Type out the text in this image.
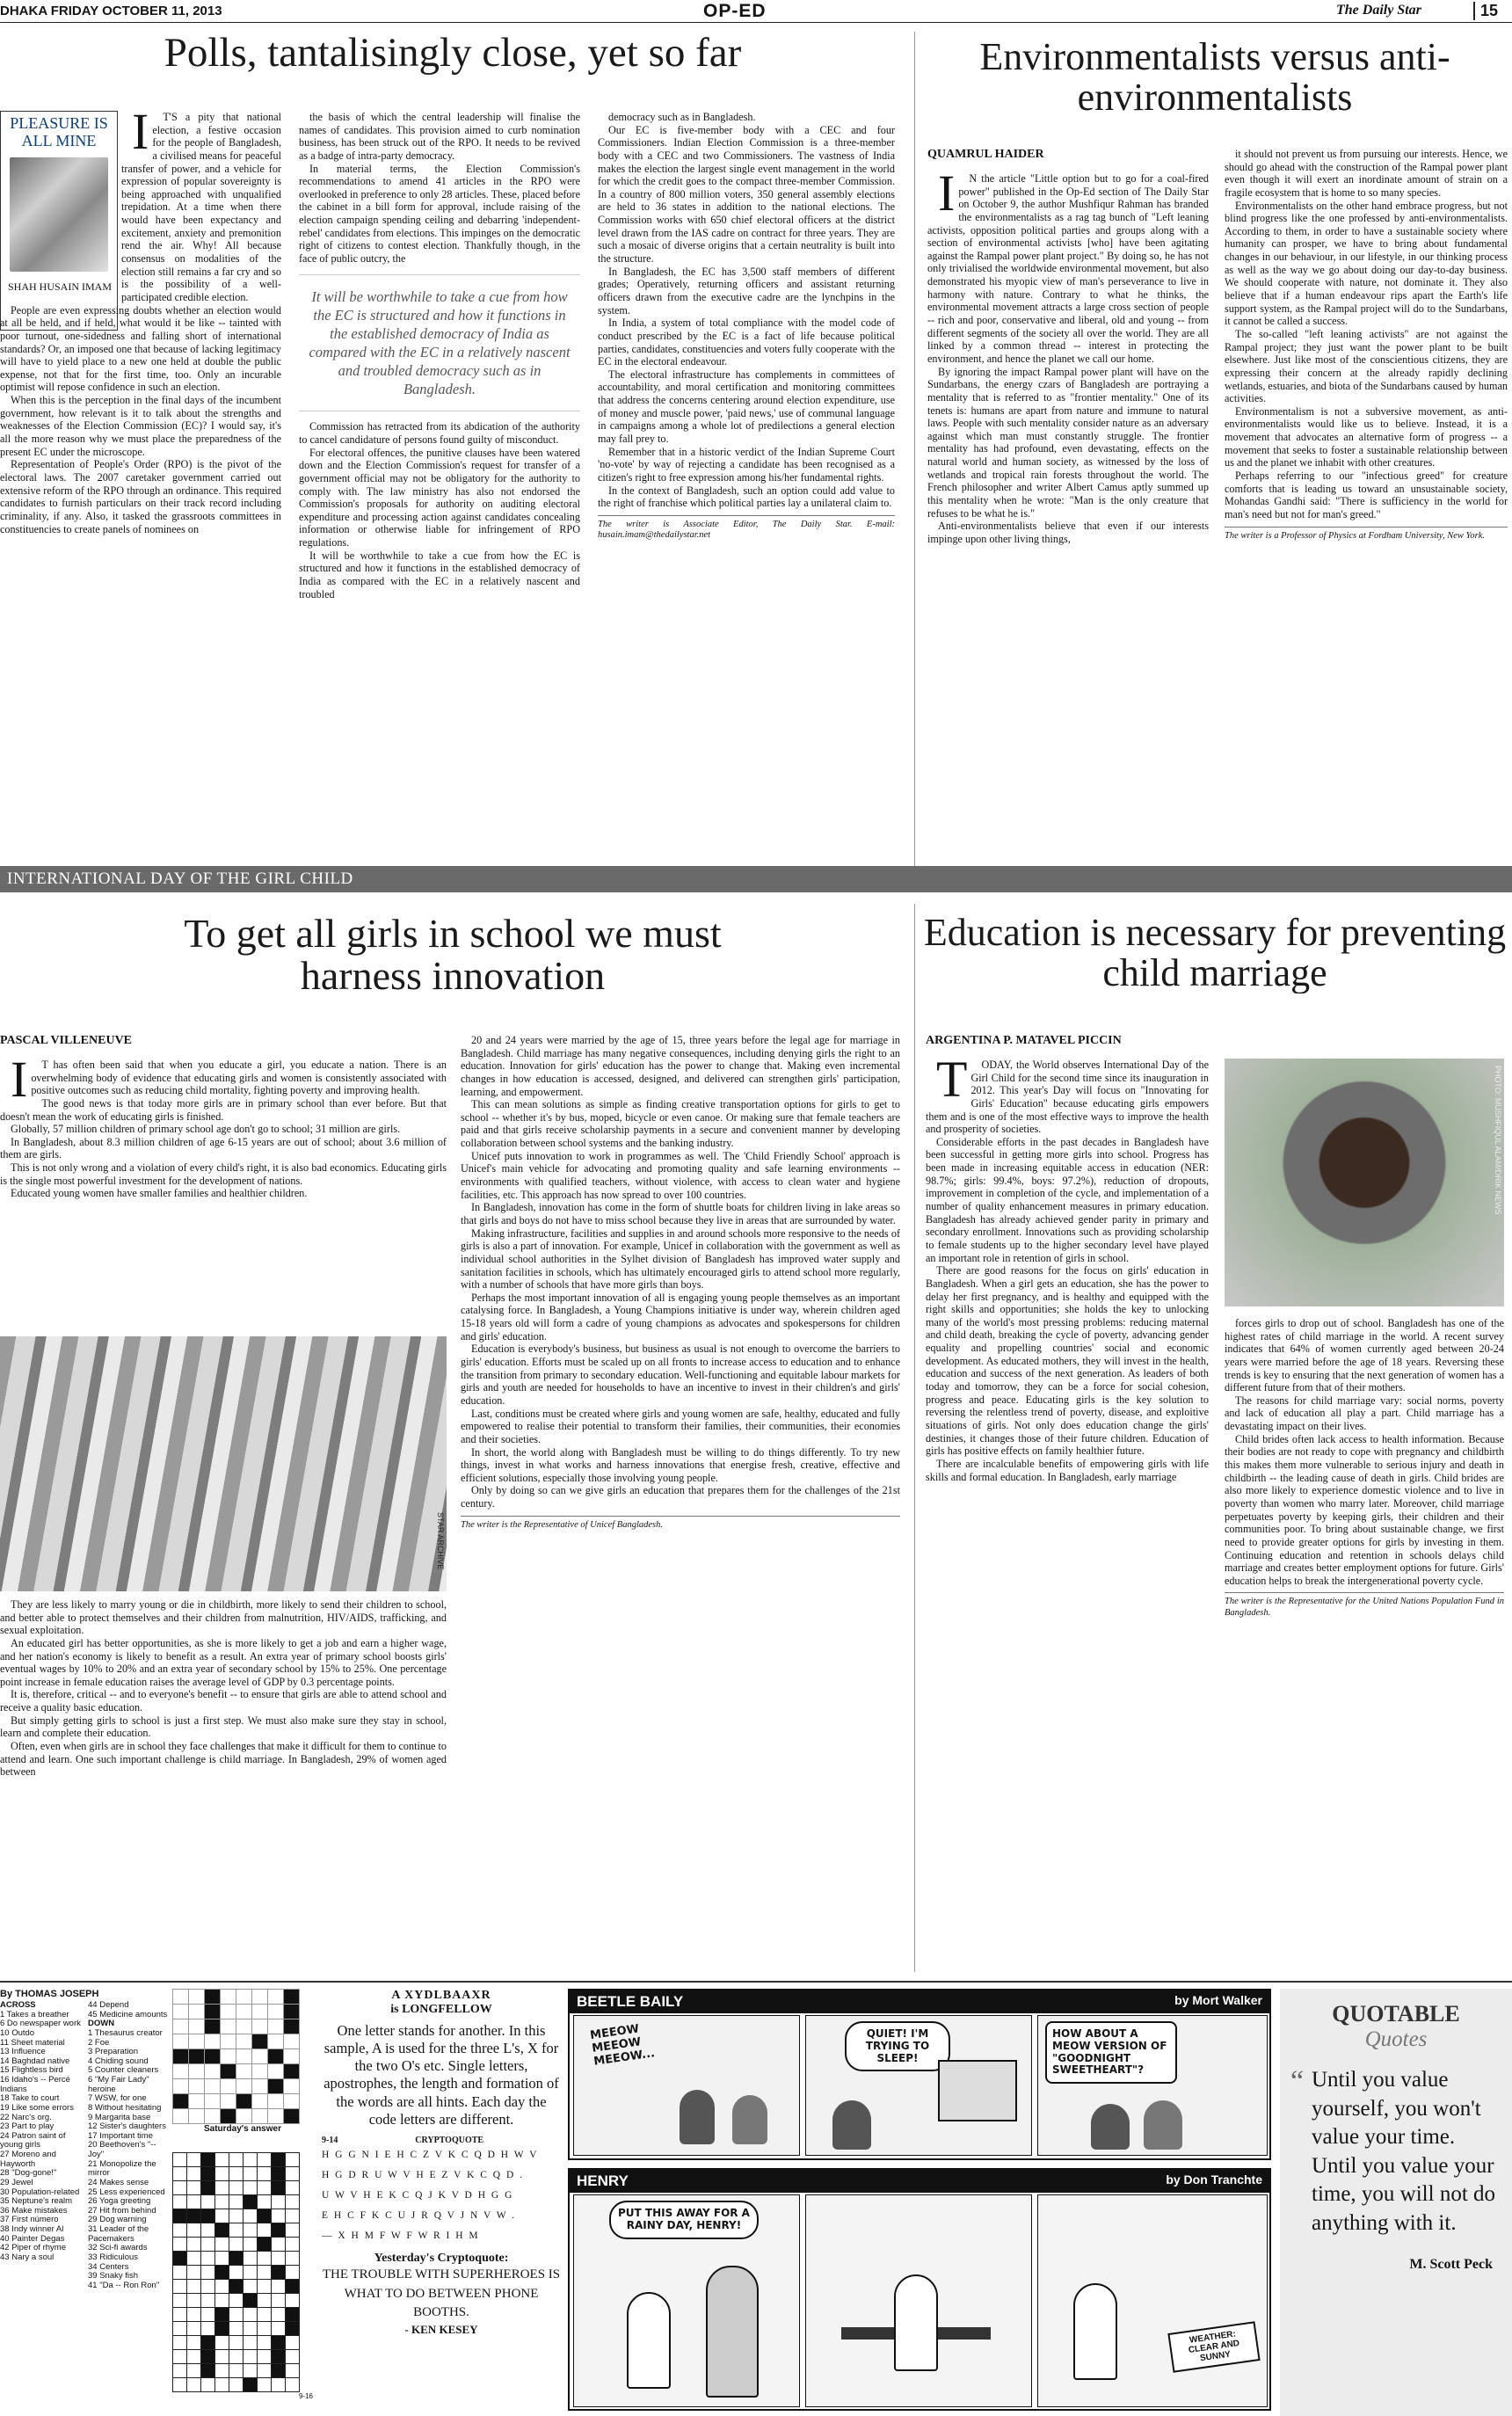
DHAKA FRIDAY OCTOBER 11, 2013	OP-ED	The Daily Star	15
Polls, tantalisingly close, yet so far
PLEASURE IS ALL MINE
SHAH HUSAIN IMAM

IT'S a pity that national election, a festive occasion for the people of Bangladesh, a civilised means for peaceful transfer of power, and a vehicle for expression of popular sovereignty is being approached with unqualified trepidation. At a time when there would have been expectancy and excitement, anxiety and premonition rend the air. Why! All because consensus on modalities of the election still remains a far cry and so is the possibility of a well-participated credible election.

People are even expressing doubts whether an election would at all be held, and if held, what would it be like -- tainted with poor turnout, one-sidedness and falling short of international standards? Or, an imposed one that because of lacking legitimacy will have to yield place to a new one held at double the public expense, not that for the first time, too. Only an incurable optimist will repose confidence in such an election.

When this is the perception in the final days of the incumbent government, how relevant is it to talk about the strengths and weaknesses of the Election Commission (EC)? I would say, it's all the more reason why we must place the preparedness of the present EC under the microscope.

Representation of People's Order (RPO) is the pivot of the electoral laws. The 2007 caretaker government carried out extensive reform of the RPO through an ordinance. This required candidates to furnish particulars on their track record including criminality, if any. Also, it tasked the grassroots committees in constituencies to create panels of nominees on

the basis of which the central leadership will finalise the names of candidates. This provision aimed to curb nomination business, has been struck out of the RPO. It needs to be revived as a badge of intra-party democracy.

In material terms, the Election Commission's recommendations to amend 41 articles in the RPO were overlooked in preference to only 28 articles. These, placed before the cabinet in a bill form for approval, include raising of the election campaign spending ceiling and debarring 'independent-rebel' candidates from elections. This impinges on the democratic right of citizens to contest election. Thankfully though, in the face of public outcry, the

It will be worthwhile to take a cue from how the EC is structured and how it functions in the established democracy of India as compared with the EC in a relatively nascent and troubled democracy such as in Bangladesh.

Commission has retracted from its abdication of the authority to cancel candidature of persons found guilty of misconduct.

For electoral offences, the punitive clauses have been watered down and the Election Commission's request for transfer of a government official may not be obligatory for the authority to comply with. The law ministry has also not endorsed the Commission's proposals for authority on auditing electoral expenditure and processing action against candidates concealing information or otherwise liable for infringement of RPO regulations.

It will be worthwhile to take a cue from how the EC is structured and how it functions in the established democracy of India as compared with the EC in a relatively nascent and troubled

democracy such as in Bangladesh.

Our EC is five-member body with a CEC and four Commissioners. Indian Election Commission is a three-member body with a CEC and two Commissioners. The vastness of India makes the election the largest single event management in the world for which the credit goes to the compact three-member Commission. In a country of 800 million voters, 350 general assembly elections are held to 36 states in addition to the national elections. The Commission works with 650 chief electoral officers at the district level drawn from the IAS cadre on contract for three years. They are such a mosaic of diverse origins that a certain neutrality is built into the structure.

In Bangladesh, the EC has 3,500 staff members of different grades; Operatively, returning officers and assistant returning officers drawn from the executive cadre are the lynchpins in the system.

In India, a system of total compliance with the model code of conduct prescribed by the EC is a fact of life because political parties, candidates, constituencies and voters fully cooperate with the EC in the electoral endeavour.

The electoral infrastructure has complements in committees of accountability, and moral certification and monitoring committees that address the concerns centering around election expenditure, use of money and muscle power, 'paid news,' use of communal language in campaigns among a whole lot of predilections a general election may fall prey to.

Remember that in a historic verdict of the Indian Supreme Court 'no-vote' by way of rejecting a candidate has been recognised as a citizen's right to free expression among his/her fundamental rights.

In the context of Bangladesh, such an option could add value to the right of franchise which political parties lay a unilateral claim to.

The writer is Associate Editor, The Daily Star. E-mail: husain.imam@thedailystar.net
Environmentalists versus anti-environmentalists
QUAMRUL HAIDER

IN the article "Little option but to go for a coal-fired power" published in the Op-Ed section of The Daily Star on October 9, the author Mushfiqur Rahman has branded the environmentalists as a rag tag bunch of "Left leaning activists, opposition political parties and groups along with a section of environmental activists [who] have been agitating against the Rampal power plant project." By doing so, he has not only trivialised the worldwide environmental movement, but also demonstrated his myopic view of man's perseverance to live in harmony with nature. Contrary to what he thinks, the environmental movement attracts a large cross section of people -- rich and poor, conservative and liberal, old and young -- from different segments of the society all over the world. They are all linked by a common thread -- interest in protecting the environment, and hence the planet we call our home.

By ignoring the impact Rampal power plant will have on the Sundarbans, the energy czars of Bangladesh are portraying a mentality that is referred to as "frontier mentality." One of its tenets is: humans are apart from nature and immune to natural laws. People with such mentality consider nature as an adversary against which man must constantly struggle. The frontier mentality has had profound, even devastating, effects on the natural world and human society, as witnessed by the loss of wetlands and tropical rain forests throughout the world. The French philosopher and writer Albert Camus aptly summed up this mentality when he wrote: "Man is the only creature that refuses to be what he is."

Anti-environmentalists believe that even if our interests impinge upon other living things,

it should not prevent us from pursuing our interests. Hence, we should go ahead with the construction of the Rampal power plant even though it will exert an inordinate amount of strain on a fragile ecosystem that is home to so many species.

Environmentalists on the other hand embrace progress, but not blind progress like the one professed by anti-environmentalists. According to them, in order to have a sustainable society where humanity can prosper, we have to bring about fundamental changes in our behaviour, in our lifestyle, in our thinking process as well as the way we go about doing our day-to-day business. We should cooperate with nature, not dominate it. They also believe that if a human endeavour rips apart the Earth's life support system, as the Rampal project will do to the Sundarbans, it cannot be called a success.

The so-called "left leaning activists" are not against the Rampal project; they just want the power plant to be built elsewhere. Just like most of the conscientious citizens, they are expressing their concern at the already rapidly declining wetlands, estuaries, and biota of the Sundarbans caused by human activities.

Environmentalism is not a subversive movement, as anti-environmentalists would like us to believe. Instead, it is a movement that advocates an alternative form of progress -- a movement that seeks to foster a sustainable relationship between us and the planet we inhabit with other creatures.

Perhaps referring to our "infectious greed" for creature comforts that is leading us toward an unsustainable society, Mohandas Gandhi said: "There is sufficiency in the world for man's need but not for man's greed."

The writer is a Professor of Physics at Fordham University, New York.
INTERNATIONAL DAY OF THE GIRL CHILD
To get all girls in school we must harness innovation
PASCAL VILLENEUVE

IT has often been said that when you educate a girl, you educate a nation. There is an overwhelming body of evidence that educating girls and women is consistently associated with positive outcomes such as reducing child mortality, fighting poverty and improving health.

The good news is that today more girls are in primary school than ever before. But that doesn't mean the work of educating girls is finished.

Globally, 57 million children of primary school age don't go to school; 31 million are girls.

In Bangladesh, about 8.3 million children of age 6-15 years are out of school; about 3.6 million of them are girls.

This is not only wrong and a violation of every child's right, it is also bad economics. Educating girls is the single most powerful investment for the development of nations.

Educated young women have smaller families and healthier children.

STAR ARCHIVE

They are less likely to marry young or die in childbirth, more likely to send their children to school, and better able to protect themselves and their children from malnutrition, HIV/AIDS, trafficking, and sexual exploitation.

An educated girl has better opportunities, as she is more likely to get a job and earn a higher wage, and her nation's economy is likely to benefit as a result. An extra year of primary school boosts girls' eventual wages by 10% to 20% and an extra year of secondary school by 15% to 25%. One percentage point increase in female education raises the average level of GDP by 0.3 percentage points.

It is, therefore, critical -- and to everyone's benefit -- to ensure that girls are able to attend school and receive a quality basic education.

But simply getting girls to school is just a first step. We must also make sure they stay in school, learn and complete their education.

Often, even when girls are in school they face challenges that make it difficult for them to continue to attend and learn. One such important challenge is child marriage. In Bangladesh, 29% of women aged between

20 and 24 years were married by the age of 15, three years before the legal age for marriage in Bangladesh. Child marriage has many negative consequences, including denying girls the right to an education. Innovation for girls' education has the power to change that. Making even incremental changes in how education is accessed, designed, and delivered can strengthen girls' participation, learning, and empowerment.

This can mean solutions as simple as finding creative transportation options for girls to get to school -- whether it's by bus, moped, bicycle or even canoe. Or making sure that female teachers are paid and that girls receive scholarship payments in a secure and convenient manner by developing collaboration between school systems and the banking industry.

Unicef puts innovation to work in programmes as well. The 'Child Friendly School' approach is Unicef's main vehicle for advocating and promoting quality and safe learning environments -- environments with qualified teachers, without violence, with access to clean water and hygiene facilities, etc. This approach has now spread to over 100 countries.

In Bangladesh, innovation has come in the form of shuttle boats for children living in lake areas so that girls and boys do not have to miss school because they live in areas that are surrounded by water.

Making infrastructure, facilities and supplies in and around schools more responsive to the needs of girls is also a part of innovation. For example, Unicef in collaboration with the government as well as individual school authorities in the Sylhet division of Bangladesh has improved water supply and sanitation facilities in schools, which has ultimately encouraged girls to attend school more regularly, with a number of schools that have more girls than boys.

Perhaps the most important innovation of all is engaging young people themselves as an important catalysing force. In Bangladesh, a Young Champions initiative is under way, wherein children aged 15-18 years old will form a cadre of young champions as advocates and spokespersons for children and girls' education.

Education is everybody's business, but business as usual is not enough to overcome the barriers to girls' education. Efforts must be scaled up on all fronts to increase access to education and to enhance the transition from primary to secondary education. Well-functioning and equitable labour markets for girls and youth are needed for households to have an incentive to invest in their children's and girls' education.

Last, conditions must be created where girls and young women are safe, healthy, educated and fully empowered to realise their potential to transform their families, their communities, their economies and their societies.

In short, the world along with Bangladesh must be willing to do things differently. To try new things, invest in what works and harness innovations that energise fresh, creative, effective and efficient solutions, especially those involving young people.

Only by doing so can we give girls an education that prepares them for the challenges of the 21st century.

The writer is the Representative of Unicef Bangladesh.
Education is necessary for preventing child marriage
ARGENTINA P. MATAVEL PICCIN

TODAY, the World observes International Day of the Girl Child for the second time since its inauguration in 2012. This year's Day will focus on "Innovating for Girls' Education" because educating girls empowers them and is one of the most effective ways to improve the health and prosperity of societies.

Considerable efforts in the past decades in Bangladesh have been successful in getting more girls into school. Progress has been made in increasing equitable access in education (NER: 98.7%; girls: 99.4%, boys: 97.2%), reduction of dropouts, improvement in completion of the cycle, and implementation of a number of quality enhancement measures in primary education. Bangladesh has already achieved gender parity in primary and secondary enrollment. Innovations such as providing scholarship to female students up to the higher secondary level have played an important role in retention of girls in school.

There are good reasons for the focus on girls' education in Bangladesh. When a girl gets an education, she has the power to delay her first pregnancy, and is healthy and equipped with the right skills and opportunities; she holds the key to unlocking many of the world's most pressing problems: reducing maternal and child death, breaking the cycle of poverty, advancing gender equality and propelling countries' social and economic development. As educated mothers, they will invest in the health, education and success of the next generation. As leaders of both today and tomorrow, they can be a force for social cohesion, progress and peace. Educating girls is the key solution to reversing the relentless trend of poverty, disease, and exploitive situations of girls. Not only does education change the girls' destinies, it changes those of their future children. Education of girls has positive effects on family healthier future.

There are incalculable benefits of empowering girls with life skills and formal education. In Bangladesh, early marriage

PHOTO: MUSHFIQUL ALAM/DRIK NEWS

forces girls to drop out of school. Bangladesh has one of the highest rates of child marriage in the world. A recent survey indicates that 64% of women currently aged between 20-24 years were married before the age of 18 years. Reversing these trends is key to ensuring that the next generation of women has a different future from that of their mothers.

The reasons for child marriage vary: social norms, poverty and lack of education all play a part. Child marriage has a devastating impact on their lives.

Child brides often lack access to health information. Because their bodies are not ready to cope with pregnancy and childbirth this makes them more vulnerable to serious injury and death in childbirth -- the leading cause of death in girls. Child brides are also more likely to experience domestic violence and to live in poverty than women who marry later. Moreover, child marriage perpetuates poverty by keeping girls, their children and their communities poor. To bring about sustainable change, we first need to provide greater options for girls by investing in them. Continuing education and retention in schools delays child marriage and creates better employment options for future. Girls' education helps to break the intergenerational poverty cycle.

The writer is the Representative for the United Nations Population Fund in Bangladesh.
By THOMAS JOSEPH
ACROSS
1 Takes a breather
6 Do newspaper work
10 Outdo
11 Sheet material
13 Influence
14 Baghdad native
15 Flightless bird
16 Idaho's -- Percé Indians
18 Take to court
19 Like some errors
22 Narc's org.
23 Part to play
24 Patron saint of young girls
27 Moreno and Hayworth
28 "Dog-gone!"
29 Jewel
30 Population-related
35 Neptune's realm
36 Make mistakes
37 First número
38 Indy winner Al
40 Painter Degas
42 Piper of rhyme
43 Nary a soul
44 Depend
45 Medicine amounts
DOWN
1 Thesaurus creator
2 Foe
3 Preparation
4 Chiding sound
5 Counter cleaners
6 "My Fair Lady" heroine
7 WSW, for one
8 Without hesitating
9 Margarita base
12 Sister's daughters
17 Important time
20 Beethoven's "-- Joy"
21 Monopolize the mirror
24 Makes sense
25 Less experienced
26 Yoga greeting
27 Hit from behind
29 Dog warning
31 Leader of the Pacemakers
32 Sci-fi awards
33 Ridiculous
34 Centers
39 Snaky fish
41 "Da -- Ron Ron"

Saturday's answer

9-16
A XYDLBAAXR
is LONGFELLOW
One letter stands for another. In this sample, A is used for the three L's, X for the two O's etc. Single letters, apostrophes, the length and formation of the words are all hints. Each day the code letters are different.
9-14	CRYPTOQUOTE
H G G N I E H C Z V K C Q D H W V
H G D R U W V H E Z V K C Q D .
U W V H E K C Q J K V D H G G
E H C F K C U J R Q V J N V W .
— X H M F W F W R I H M
Yesterday's Cryptoquote:
THE TROUBLE WITH SUPERHEROES IS WHAT TO DO BETWEEN PHONE BOOTHS.
- KEN KESEY
BEETLE BAILY	by Mort Walker
MEEOW MEEOW MEEOW...
QUIET! I'M TRYING TO SLEEP!
HOW ABOUT A MEOW VERSION OF "GOODNIGHT SWEETHEART"?
HENRY	by Don Tranchte
PUT THIS AWAY FOR A RAINY DAY, HENRY!
WEATHER: CLEAR AND SUNNY
QUOTABLE
Quotes
“ Until you value yourself, you won't value your time. Until you value your time, you will not do anything with it.
M. Scott Peck
